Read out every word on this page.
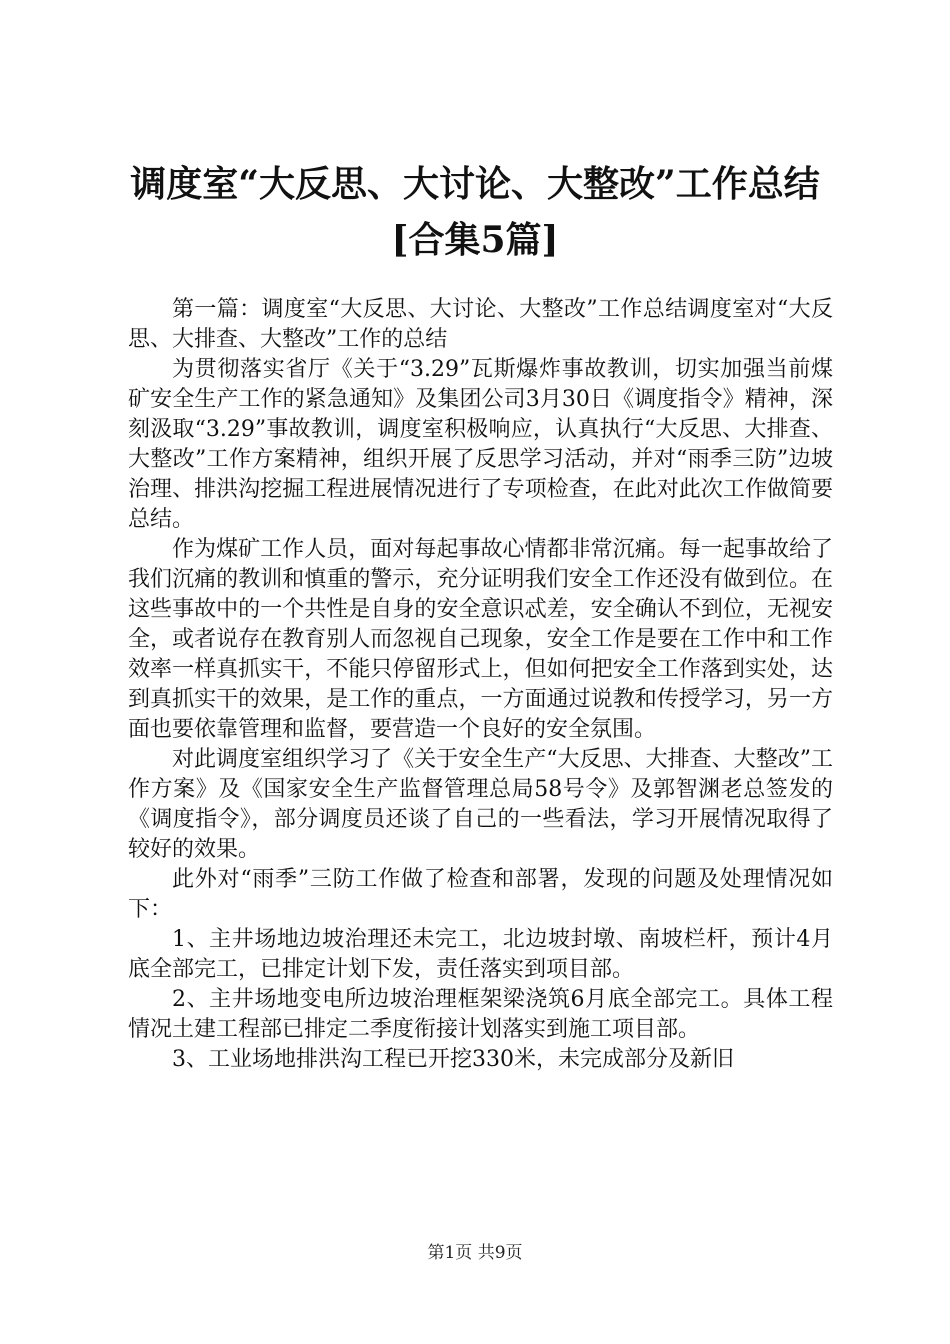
调度室“大反思、大讨论、大整改”工作总结
[合集5篇]

第一篇：调度室“大反思、大讨论、大整改”工作总结调度室对“大反思、大排查、大整改”工作的总结

为贯彻落实省厅《关于“3.29”瓦斯爆炸事故教训，切实加强当前煤矿安全生产工作的紧急通知》及集团公司3月30日《调度指令》精神，深刻汲取“3.29”事故教训，调度室积极响应，认真执行“大反思、大排查、大整改”工作方案精神，组织开展了反思学习活动，并对“雨季三防”边坡治理、排洪沟挖掘工程进展情况进行了专项检查，在此对此次工作做简要总结。

作为煤矿工作人员，面对每起事故心情都非常沉痛。每一起事故给了我们沉痛的教训和慎重的警示，充分证明我们安全工作还没有做到位。在这些事故中的一个共性是自身的安全意识忒差，安全确认不到位，无视安全，或者说存在教育别人而忽视自己现象，安全工作是要在工作中和工作效率一样真抓实干，不能只停留形式上，但如何把安全工作落到实处，达到真抓实干的效果，是工作的重点，一方面通过说教和传授学习，另一方面也要依靠管理和监督，要营造一个良好的安全氛围。

对此调度室组织学习了《关于安全生产“大反思、大排查、大整改”工作方案》及《国家安全生产监督管理总局58号令》及郭智渊老总签发的《调度指令》，部分调度员还谈了自己的一些看法，学习开展情况取得了较好的效果。

此外对“雨季”三防工作做了检查和部署，发现的问题及处理情况如下：

1、主井场地边坡治理还未完工，北边坡封墩、南坡栏杆，预计4月底全部完工，已排定计划下发，责任落实到项目部。

2、主井场地变电所边坡治理框架梁浇筑6月底全部完工。具体工程情况土建工程部已排定二季度衔接计划落实到施工项目部。

3、工业场地排洪沟工程已开挖330米，未完成部分及新旧

第1页 共9页
